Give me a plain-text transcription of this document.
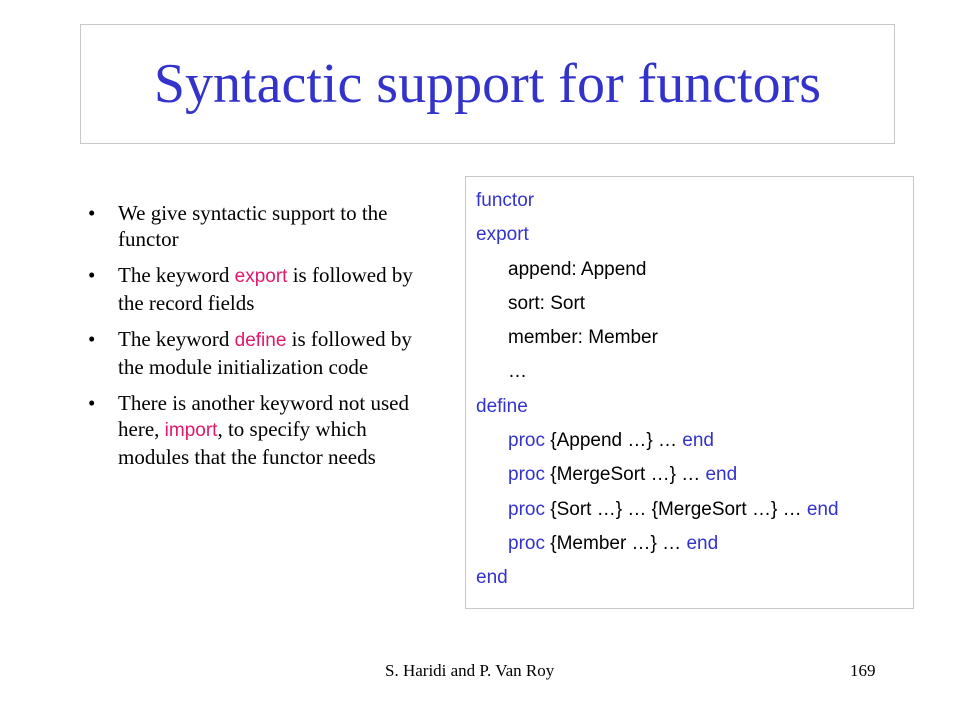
Syntactic support for functors
• We give syntactic support to the functor
• The keyword export is followed by the record fields
• The keyword define is followed by the module initialization code
• There is another keyword not used here, import, to specify which modules that the functor needs
functor
export
append: Append
sort: Sort
member: Member
…
define
proc {Append …} … end
proc {MergeSort …} … end
proc {Sort …} … {MergeSort …} … end
proc {Member …} … end
end
S. Haridi and P. Van Roy	169
